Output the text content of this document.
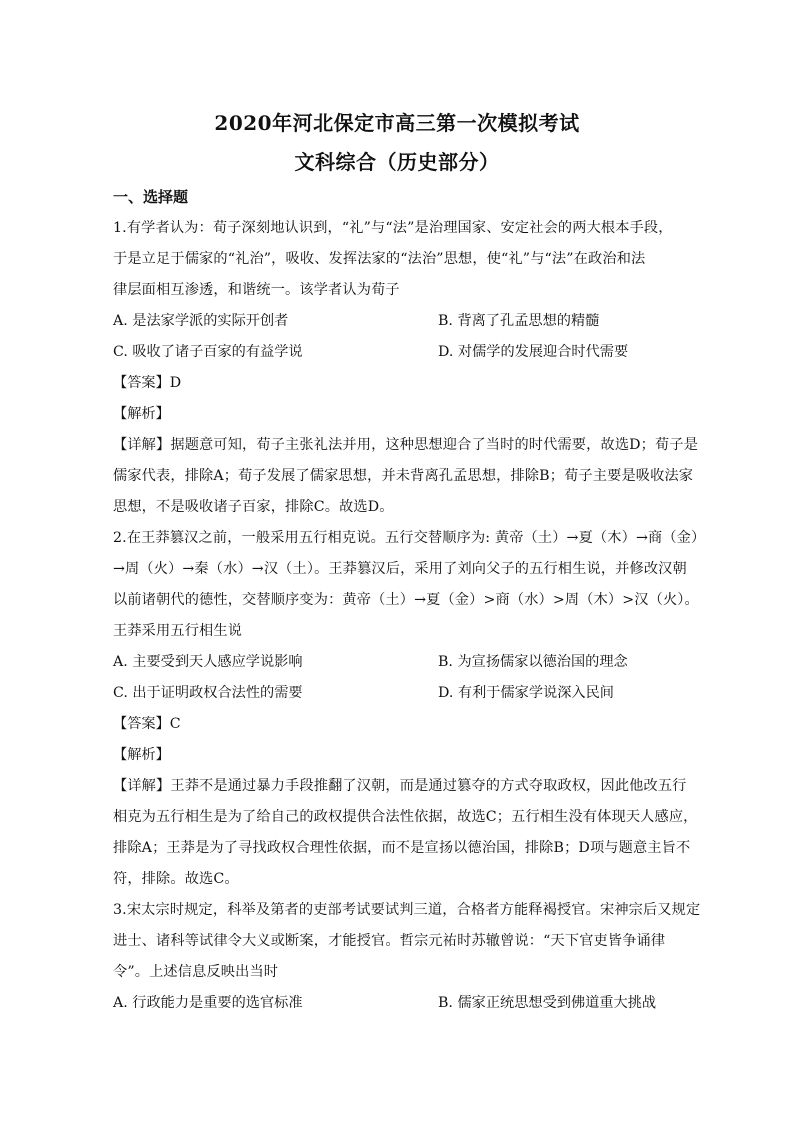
2020年河北保定市高三第一次模拟考试
文科综合（历史部分）
一、选择题
1.有学者认为：荀子深刻地认识到，“礼”与“法”是治理国家、安定社会的两大根本手段，
于是立足于儒家的“礼治”，吸收、发挥法家的“法治”思想，使“礼”与“法”在政治和法
律层面相互渗透，和谐统一。该学者认为荀子
A. 是法家学派的实际开创者	B. 背离了孔孟思想的精髓
C. 吸收了诸子百家的有益学说	D. 对儒学的发展迎合时代需要
【答案】D
【解析】
【详解】据题意可知，荀子主张礼法并用，这种思想迎合了当时的时代需要，故选D；荀子是
儒家代表，排除A；荀子发展了儒家思想，并未背离孔孟思想，排除B；荀子主要是吸收法家
思想，不是吸收诸子百家，排除C。故选D。
2.在王莽篡汉之前，一般采用五行相克说。五行交替顺序为: 黄帝（土）→夏（木）→商（金）
→周（火）→秦（水）→汉（土）。王莽篡汉后，采用了刘向父子的五行相生说，并修改汉朝
以前诸朝代的德性，交替顺序变为：黄帝（土）→夏（金）>商（水）>周（木）>汉（火）。
王莽采用五行相生说
A. 主要受到天人感应学说影响	B. 为宣扬儒家以德治国的理念
C. 出于证明政权合法性的需要	D. 有利于儒家学说深入民间
【答案】C
【解析】
【详解】王莽不是通过暴力手段推翻了汉朝，而是通过篡夺的方式夺取政权，因此他改五行
相克为五行相生是为了给自己的政权提供合法性依据，故选C；五行相生没有体现天人感应，
排除A；王莽是为了寻找政权合理性依据，而不是宣扬以德治国，排除B；D项与题意主旨不
符，排除。故选C。
3.宋太宗时规定，科举及第者的吏部考试要试判三道，合格者方能释褐授官。宋神宗后又规定
进士、诸科等试律令大义或断案，才能授官。哲宗元祐时苏辙曾说：“天下官吏皆争诵律
令”。上述信息反映出当时
A. 行政能力是重要的选官标准	B. 儒家正统思想受到佛道重大挑战
